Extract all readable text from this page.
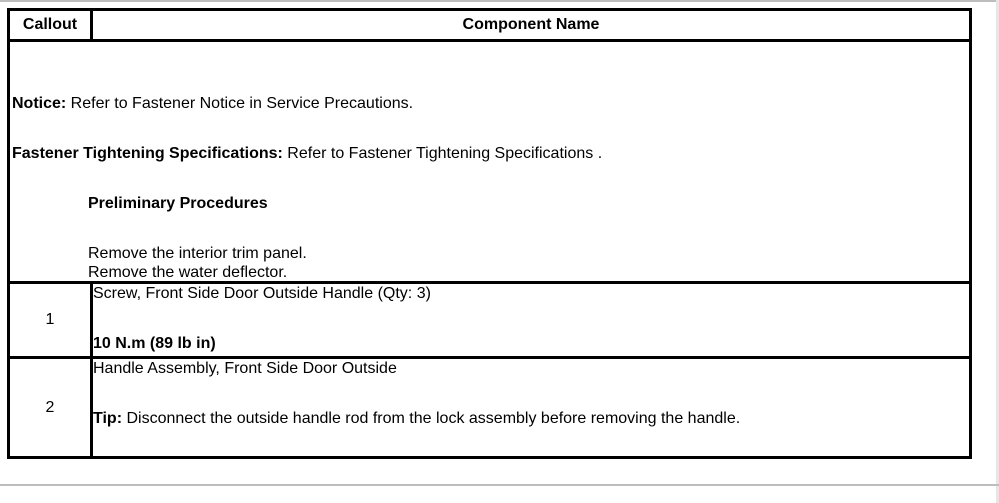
Callout	Component Name

Notice: Refer to Fastener Notice in Service Precautions.
Fastener Tightening Specifications: Refer to Fastener Tightening Specifications .
Preliminary Procedures
Remove the interior trim panel.
Remove the water deflector.	

1	Screw, Front Side Door Outside Handle (Qty: 3)
10 N.m (89 lb in)

2	Handle Assembly, Front Side Door Outside
Tip: Disconnect the outside handle rod from the lock assembly before removing the handle.
